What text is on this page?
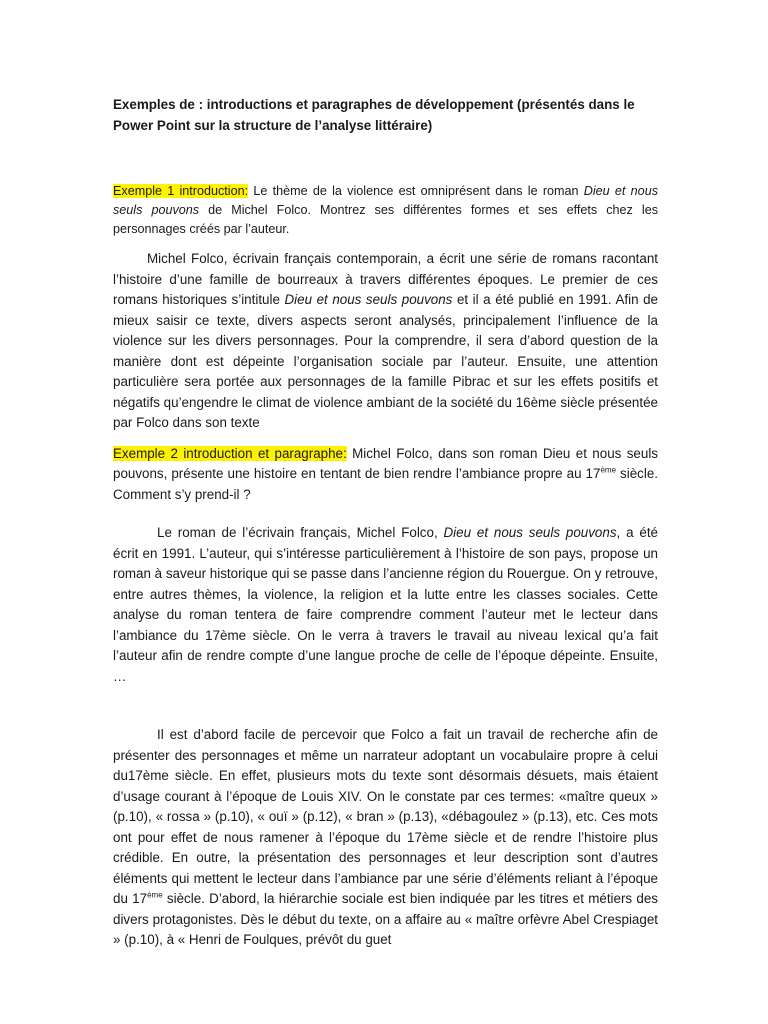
Exemples de : introductions et paragraphes de développement (présentés dans le Power Point sur la structure de l’analyse littéraire)

Exemple 1 introduction: Le thème de la violence est omniprésent dans le roman Dieu et nous seuls pouvons de Michel Folco. Montrez ses différentes formes et ses effets chez les personnages créés par l’auteur.

Michel Folco, écrivain français contemporain, a écrit une série de romans racontant l’histoire d’une famille de bourreaux à travers différentes époques. Le premier de ces romans historiques s’intitule Dieu et nous seuls pouvons et il a été publié en 1991. Afin de mieux saisir ce texte, divers aspects seront analysés, principalement l’influence de la violence sur les divers personnages. Pour la comprendre, il sera d’abord question de la manière dont est dépeinte l’organisation sociale par l’auteur. Ensuite, une attention particulière sera portée aux personnages de la famille Pibrac et sur les effets positifs et négatifs qu’engendre le climat de violence ambiant de la société du 16ème siècle présentée par Folco dans son texte

Exemple 2 introduction et paragraphe: Michel Folco, dans son roman Dieu et nous seuls pouvons, présente une histoire en tentant de bien rendre l’ambiance propre au 17ème siècle. Comment s’y prend-il ?

Le roman de l’écrivain français, Michel Folco, Dieu et nous seuls pouvons, a été écrit en 1991. L’auteur, qui s’intéresse particulièrement à l’histoire de son pays, propose un roman à saveur historique qui se passe dans l’ancienne région du Rouergue. On y retrouve, entre autres thèmes, la violence, la religion et la lutte entre les classes sociales. Cette analyse du roman tentera de faire comprendre comment l’auteur met le lecteur dans l’ambiance du 17ème siècle. On le verra à travers le travail au niveau lexical qu’a fait l’auteur afin de rendre compte d’une langue proche de celle de l’époque dépeinte. Ensuite, …

Il est d’abord facile de percevoir que Folco a fait un travail de recherche afin de présenter des personnages et même un narrateur adoptant un vocabulaire propre à celui du17ème siècle. En effet, plusieurs mots du texte sont désormais désuets, mais étaient d’usage courant à l’époque de Louis XIV. On le constate par ces termes: «maître queux » (p.10), « rossa » (p.10), « ouï » (p.12), « bran » (p.13), «débagoulez » (p.13), etc. Ces mots ont pour effet de nous ramener à l’époque du 17ème siècle et de rendre l’histoire plus crédible. En outre, la présentation des personnages et leur description sont d’autres éléments qui mettent le lecteur dans l’ambiance par une série d’éléments reliant à l’époque du 17ème siècle. D’abord, la hiérarchie sociale est bien indiquée par les titres et métiers des divers protagonistes. Dès le début du texte, on a affaire au « maître orfèvre Abel Crespiaget » (p.10), à « Henri de Foulques, prévôt du guet
